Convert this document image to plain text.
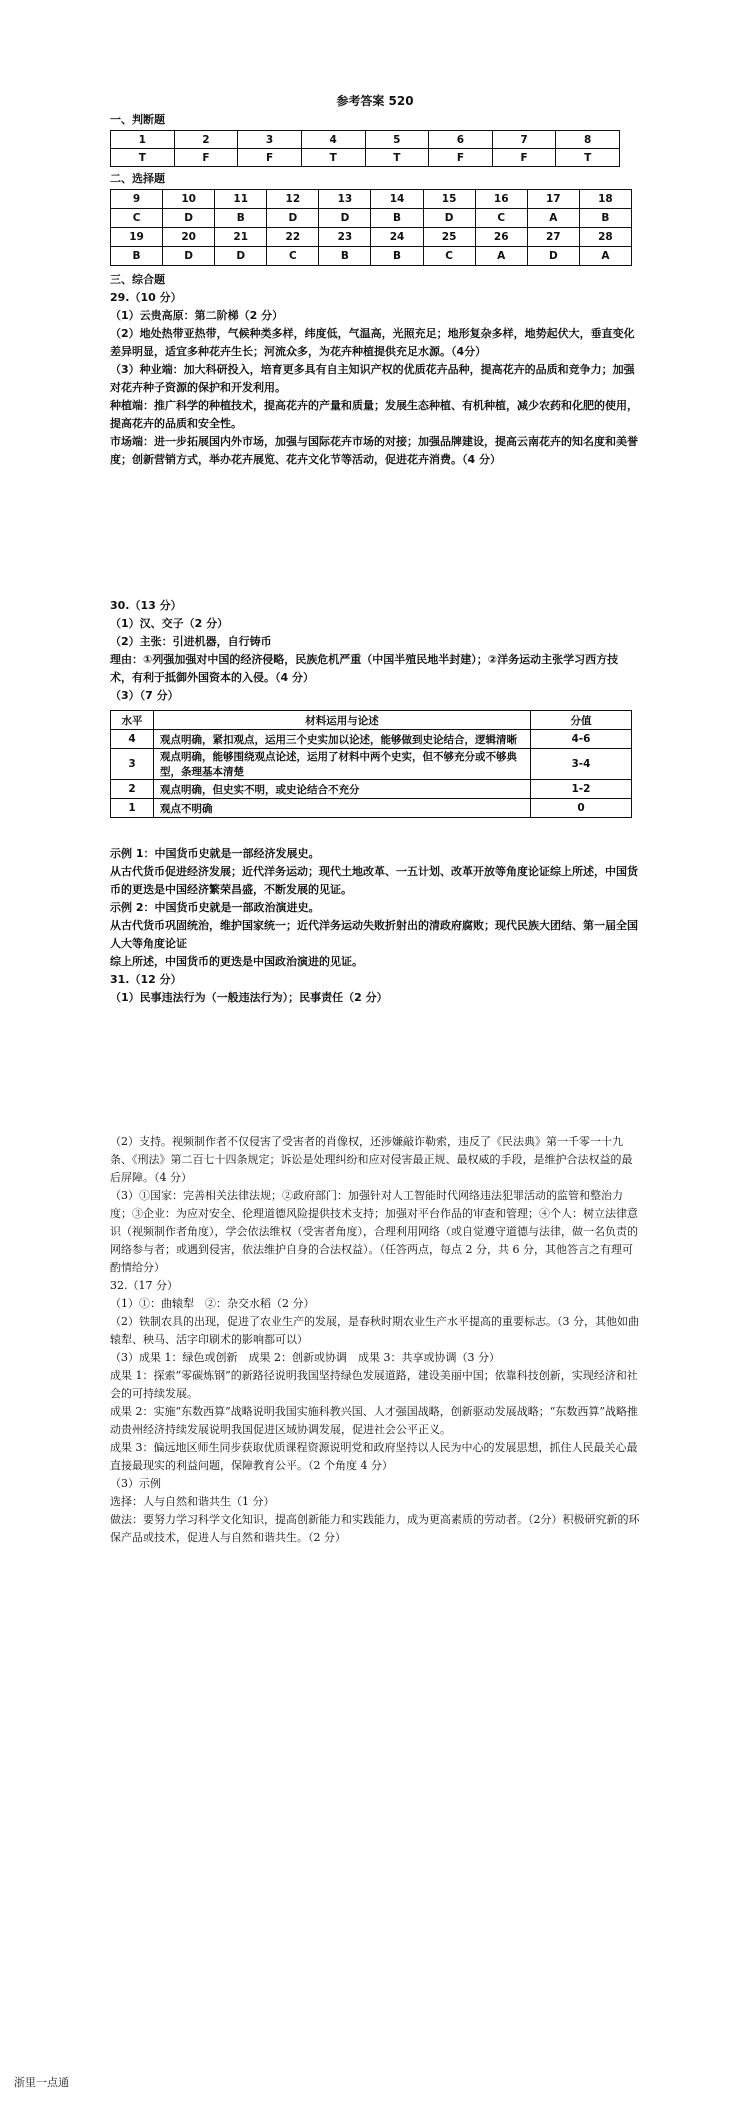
参考答案 520
一、判断题
1	2	3	4	5	6	7	8
T	F	F	T	T	F	F	T
二、选择题
9	10	11	12	13	14	15	16	17	18
C	D	B	D	D	B	D	C	A	B
19	20	21	22	23	24	25	26	27	28
B	D	D	C	B	B	C	A	D	A
三、综合题

29.（10 分）

（1）云贵高原：第二阶梯（2 分）

（2）地处热带亚热带，气候种类多样，纬度低，气温高，光照充足；地形复杂多样，地势起伏大，垂直变化差异明显，适宜多种花卉生长；河流众多，为花卉种植提供充足水源。（4分）

（3）种业端：加大科研投入，培育更多具有自主知识产权的优质花卉品种，提高花卉的品质和竞争力；加强对花卉种子资源的保护和开发利用。

种植端：推广科学的种植技术，提高花卉的产量和质量；发展生态种植、有机种植，减少农药和化肥的使用，提高花卉的品质和安全性。

市场端：进一步拓展国内外市场，加强与国际花卉市场的对接；加强品牌建设，提高云南花卉的知名度和美誉度；创新营销方式，举办花卉展览、花卉文化节等活动，促进花卉消费。（4 分）

30.（13 分）

（1）汉、交子（2 分）

（2）主张：引进机器，自行铸币

理由：①列强加强对中国的经济侵略，民族危机严重（中国半殖民地半封建）；②洋务运动主张学习西方技术，有利于抵御外国资本的入侵。（4 分）

（3）（7 分）

水平	材料运用与论述	分值
4	观点明确，紧扣观点，运用三个史实加以论述，能够做到史论结合，逻辑清晰	4-6
3	观点明确，能够围绕观点论述，运用了材料中两个史实，但不够充分或不够典型，条理基本清楚	3-4
2	观点明确，但史实不明，或史论结合不充分	1-2
1	观点不明确	0

示例 1：中国货币史就是一部经济发展史。

从古代货币促进经济发展；近代洋务运动；现代土地改革、一五计划、改革开放等角度论证综上所述，中国货币的更迭是中国经济繁荣昌盛，不断发展的见证。

示例 2：中国货币史就是一部政治演进史。

从古代货币巩固统治，维护国家统一；近代洋务运动失败折射出的清政府腐败；现代民族大团结、第一届全国人大等角度论证

综上所述，中国货币的更迭是中国政治演进的见证。

31.（12 分）

（1）民事违法行为（一般违法行为）；民事责任（2 分）

（2）支持。视频制作者不仅侵害了受害者的肖像权，还涉嫌敲诈勒索，违反了《民法典》第一千零一十九条、《刑法》第二百七十四条规定；诉讼是处理纠纷和应对侵害最正规、最权威的手段，是维护合法权益的最后屏障。（4 分）

（3）①国家：完善相关法律法规；②政府部门：加强针对人工智能时代网络违法犯罪活动的监管和整治力度；③企业：为应对安全、伦理道德风险提供技术支持；加强对平台作品的审查和管理；④个人：树立法律意识（视频制作者角度），学会依法维权（受害者角度），合理利用网络（或自觉遵守道德与法律，做一名负责的网络参与者；或遇到侵害，依法维护自身的合法权益）。（任答两点，每点 2 分，共 6 分，其他答言之有理可酌情给分）

32.（17 分）

（1）①：曲辕犁　②：杂交水稻（2 分）

（2）铁制农具的出现，促进了农业生产的发展，是春秋时期农业生产水平提高的重要标志。（3 分，其他如曲辕犁、秧马、活字印刷术的影响都可以）

（3）成果 1：绿色或创新　成果 2：创新或协调　成果 3：共享或协调（3 分）

成果 1：探索“零碳炼钢”的新路径说明我国坚持绿色发展道路，建设美丽中国；依靠科技创新，实现经济和社会的可持续发展。

成果 2：实施“东数西算”战略说明我国实施科教兴国、人才强国战略，创新驱动发展战略；“东数西算”战略推动贵州经济持续发展说明我国促进区域协调发展，促进社会公平正义。

成果 3：偏远地区师生同步获取优质课程资源说明党和政府坚持以人民为中心的发展思想，抓住人民最关心最直接最现实的利益问题，保障教育公平。（2 个角度 4 分）

（3）示例

选择：人与自然和谐共生（1 分）

做法：要努力学习科学文化知识，提高创新能力和实践能力，成为更高素质的劳动者。（2分）积极研究新的环保产品或技术，促进人与自然和谐共生。（2 分）

浙里一点通
